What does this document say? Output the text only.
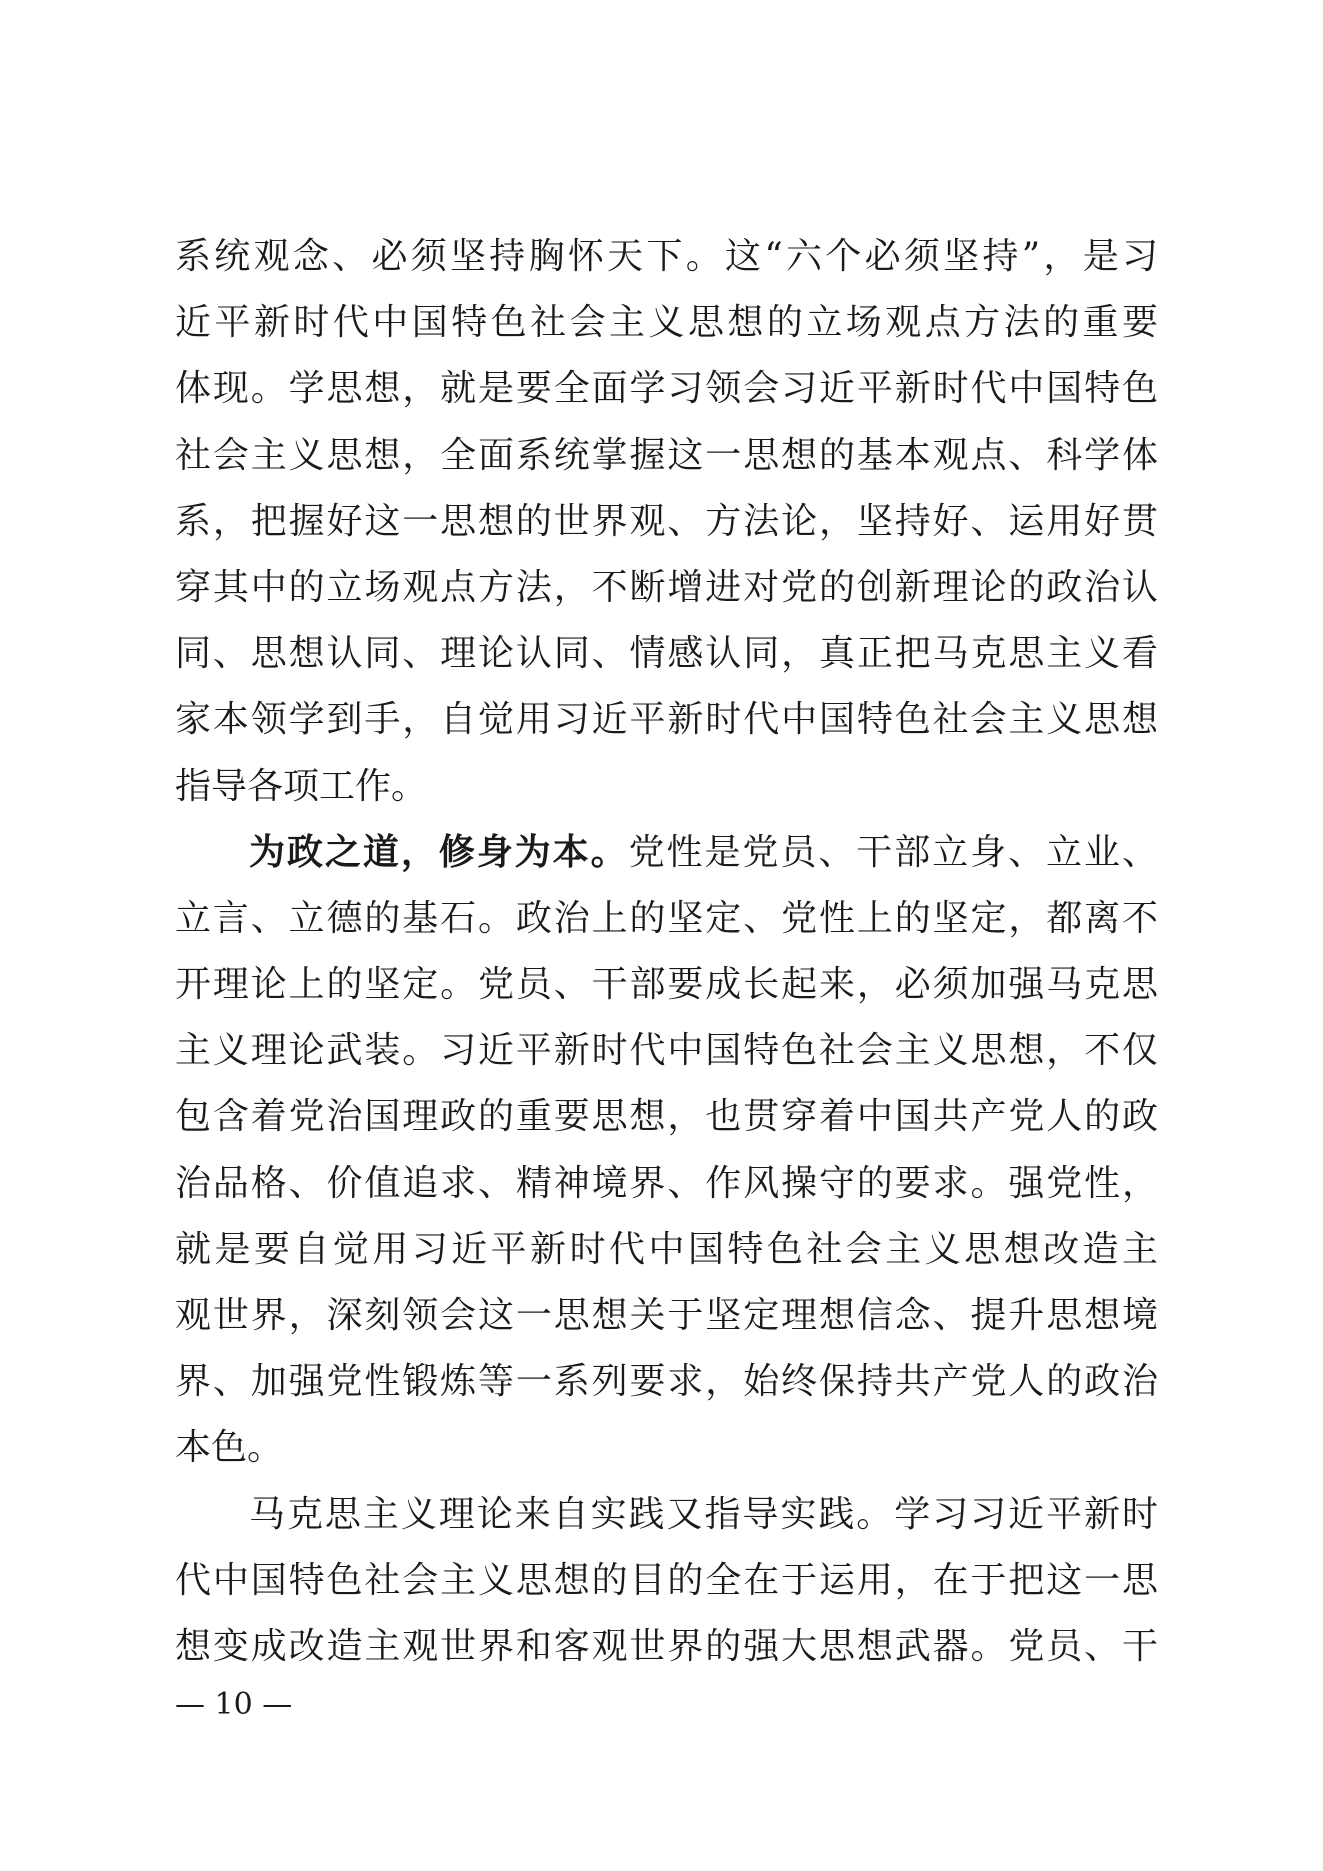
系统观念、必须坚持胸怀天下。这“六个必须坚持”，是习
近平新时代中国特色社会主义思想的立场观点方法的重要
体现。学思想，就是要全面学习领会习近平新时代中国特色
社会主义思想，全面系统掌握这一思想的基本观点、科学体
系，把握好这一思想的世界观、方法论，坚持好、运用好贯
穿其中的立场观点方法，不断增进对党的创新理论的政治认
同、思想认同、理论认同、情感认同，真正把马克思主义看
家本领学到手，自觉用习近平新时代中国特色社会主义思想
指导各项工作。
为政之道，修身为本。党性是党员、干部立身、立业、
立言、立德的基石。政治上的坚定、党性上的坚定，都离不
开理论上的坚定。党员、干部要成长起来，必须加强马克思
主义理论武装。习近平新时代中国特色社会主义思想，不仅
包含着党治国理政的重要思想，也贯穿着中国共产党人的政
治品格、价值追求、精神境界、作风操守的要求。强党性，
就是要自觉用习近平新时代中国特色社会主义思想改造主
观世界，深刻领会这一思想关于坚定理想信念、提升思想境
界、加强党性锻炼等一系列要求，始终保持共产党人的政治
本色。
马克思主义理论来自实践又指导实践。学习习近平新时
代中国特色社会主义思想的目的全在于运用，在于把这一思
想变成改造主观世界和客观世界的强大思想武器。党员、干
— 10 —
